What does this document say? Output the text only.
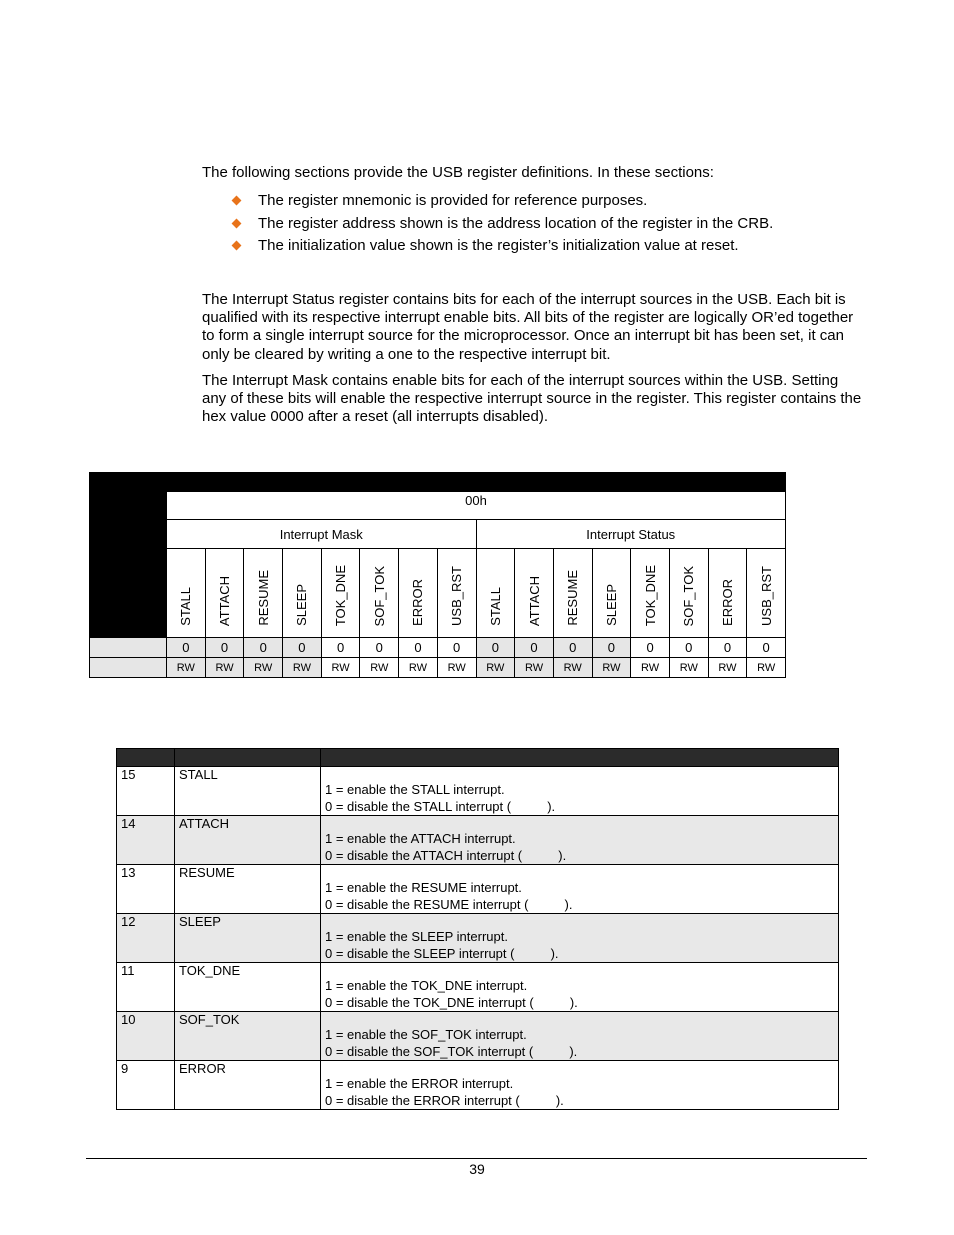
The following sections provide the USB register definitions. In these sections:
The register mnemonic is provided for reference purposes.
The register address shown is the address location of the register in the CRB.
The initialization value shown is the register’s initialization value at reset.
The Interrupt Status register contains bits for each of the interrupt sources in the USB. Each bit is qualified with its respective interrupt enable bits. All bits of the register are logically OR’ed together to form a single interrupt source for the microprocessor. Once an interrupt bit has been set, it can only be cleared by writing a one to the respective interrupt bit.
The Interrupt Mask contains enable bits for each of the interrupt sources within the USB. Setting any of these bits will enable the respective interrupt source in the register. This register contains the hex value 0000 after a reset (all interrupts disabled).

	00h															
	Interrupt Mask								Interrupt Status							
	STALL	ATTACH	RESUME	SLEEP	TOK_DNE	SOF_TOK	ERROR	USB_RST	STALL	ATTACH	RESUME	SLEEP	TOK_DNE	SOF_TOK	ERROR	USB_RST
	0	0	0	0	0	0	0	0	0	0	0	0	0	0	0	0
	RW	RW	RW	RW	RW	RW	RW	RW	RW	RW	RW	RW	RW	RW	RW	RW

15	STALL	1 = enable the STALL interrupt.
0 = disable the STALL interrupt (          ).

14	ATTACH	1 = enable the ATTACH interrupt.
0 = disable the ATTACH interrupt (          ).

13	RESUME	1 = enable the RESUME interrupt.
0 = disable the RESUME interrupt (          ).

12	SLEEP	1 = enable the SLEEP interrupt.
0 = disable the SLEEP interrupt (          ).

11	TOK_DNE	1 = enable the TOK_DNE interrupt.
0 = disable the TOK_DNE interrupt (          ).

10	SOF_TOK	1 = enable the SOF_TOK interrupt.
0 = disable the SOF_TOK interrupt (          ).

9	ERROR	1 = enable the ERROR interrupt.
0 = disable the ERROR interrupt (          ).
39
